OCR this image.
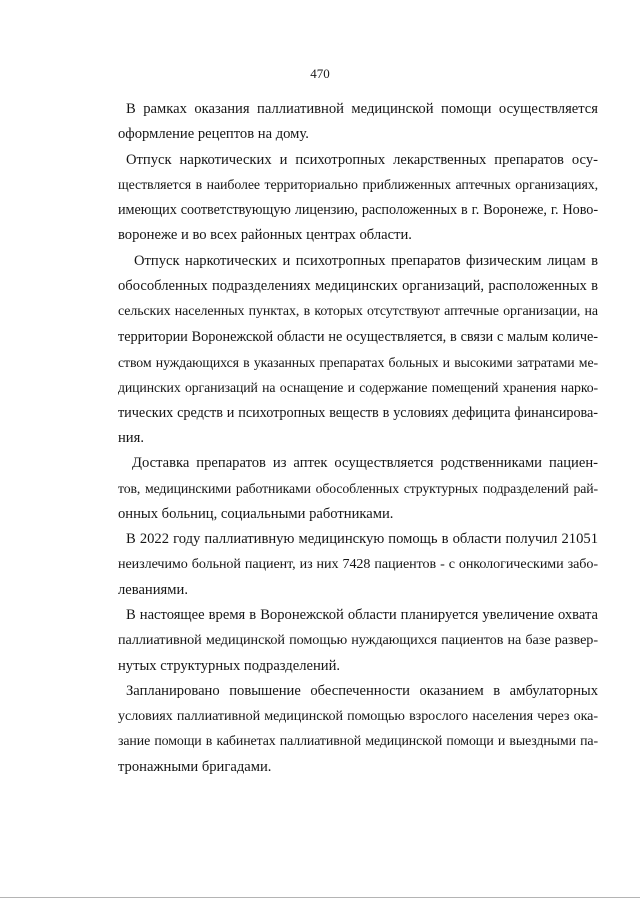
470
В рамках оказания паллиативной медицинской помощи осуществляется
оформление рецептов на дому.
Отпуск наркотических и психотропных лекарственных препаратов осу-
ществляется в наиболее территориально приближенных аптечных организациях,
имеющих соответствующую лицензию, расположенных в г. Воронеже, г. Ново-
воронеже и во всех районных центрах области.
Отпуск наркотических и психотропных препаратов физическим лицам в
обособленных подразделениях медицинских организаций, расположенных в
сельских населенных пунктах, в которых отсутствуют аптечные организации, на
территории Воронежской области не осуществляется, в связи с малым количе-
ством нуждающихся в указанных препаратах больных и высокими затратами ме-
дицинских организаций на оснащение и содержание помещений хранения нарко-
тических средств и психотропных веществ в условиях дефицита финансирова-
ния.
Доставка препаратов из аптек осуществляется родственниками пациен-
тов, медицинскими работниками обособленных структурных подразделений рай-
онных больниц, социальными работниками.
В 2022 году паллиативную медицинскую помощь в области получил 21051
неизлечимо больной пациент, из них 7428 пациентов - с онкологическими забо-
леваниями.
В настоящее время в Воронежской области планируется увеличение охвата
паллиативной медицинской помощью нуждающихся пациентов на базе развер-
нутых структурных подразделений.
Запланировано повышение обеспеченности оказанием в амбулаторных
условиях паллиативной медицинской помощью взрослого населения через ока-
зание помощи в кабинетах паллиативной медицинской помощи и выездными па-
тронажными бригадами.
